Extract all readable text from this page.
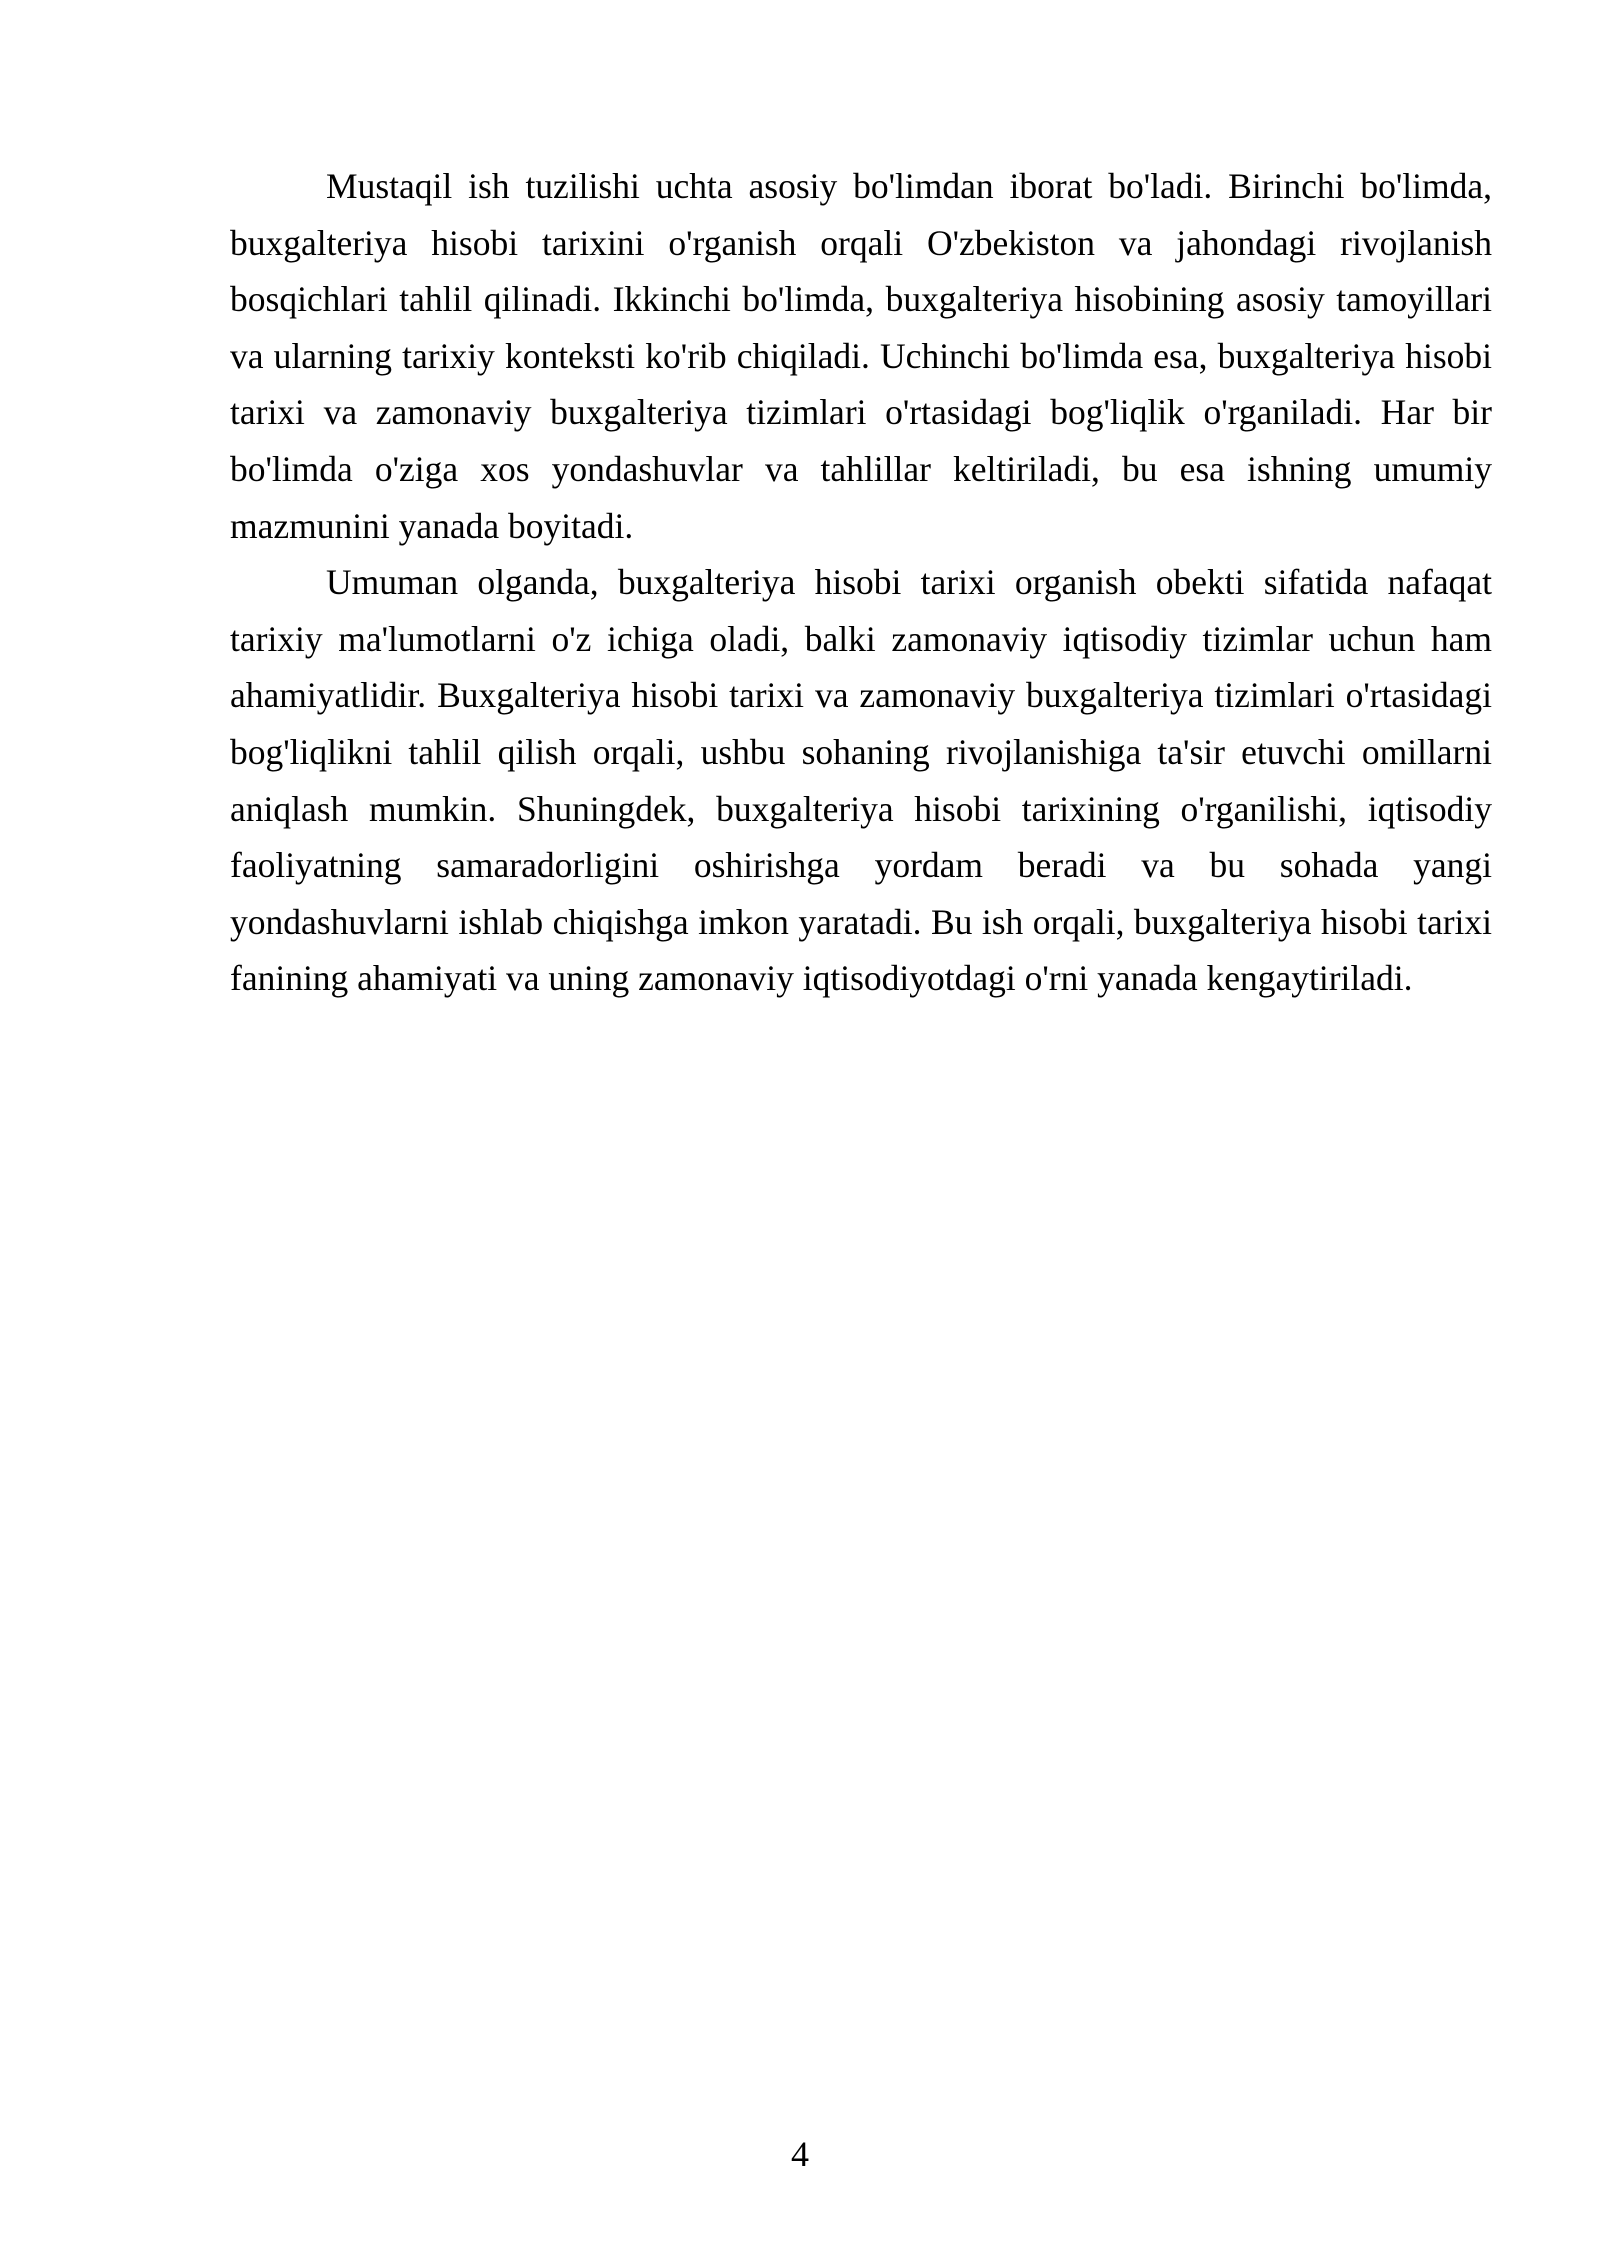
Mustaqil ish tuzilishi uchta asosiy bo'limdan iborat bo'ladi. Birinchi bo'limda, buxgalteriya hisobi tarixini o'rganish orqali O'zbekiston va jahondagi rivojlanish bosqichlari tahlil qilinadi. Ikkinchi bo'limda, buxgalteriya hisobining asosiy tamoyillari va ularning tarixiy konteksti ko'rib chiqiladi. Uchinchi bo'limda esa, buxgalteriya hisobi tarixi va zamonaviy buxgalteriya tizimlari o'rtasidagi bog'liqlik o'rganiladi. Har bir bo'limda o'ziga xos yondashuvlar va tahlillar keltiriladi, bu esa ishning umumiy mazmunini yanada boyitadi.

Umuman olganda, buxgalteriya hisobi tarixi organish obekti sifatida nafaqat tarixiy ma'lumotlarni o'z ichiga oladi, balki zamonaviy iqtisodiy tizimlar uchun ham ahamiyatlidir. Buxgalteriya hisobi tarixi va zamonaviy buxgalteriya tizimlari o'rtasidagi bog'liqlikni tahlil qilish orqali, ushbu sohaning rivojlanishiga ta'sir etuvchi omillarni aniqlash mumkin. Shuningdek, buxgalteriya hisobi tarixining o'rganilishi, iqtisodiy faoliyatning samaradorligini oshirishga yordam beradi va bu sohada yangi yondashuvlarni ishlab chiqishga imkon yaratadi. Bu ish orqali, buxgalteriya hisobi tarixi fanining ahamiyati va uning zamonaviy iqtisodiyotdagi o'rni yanada kengaytiriladi.

4
